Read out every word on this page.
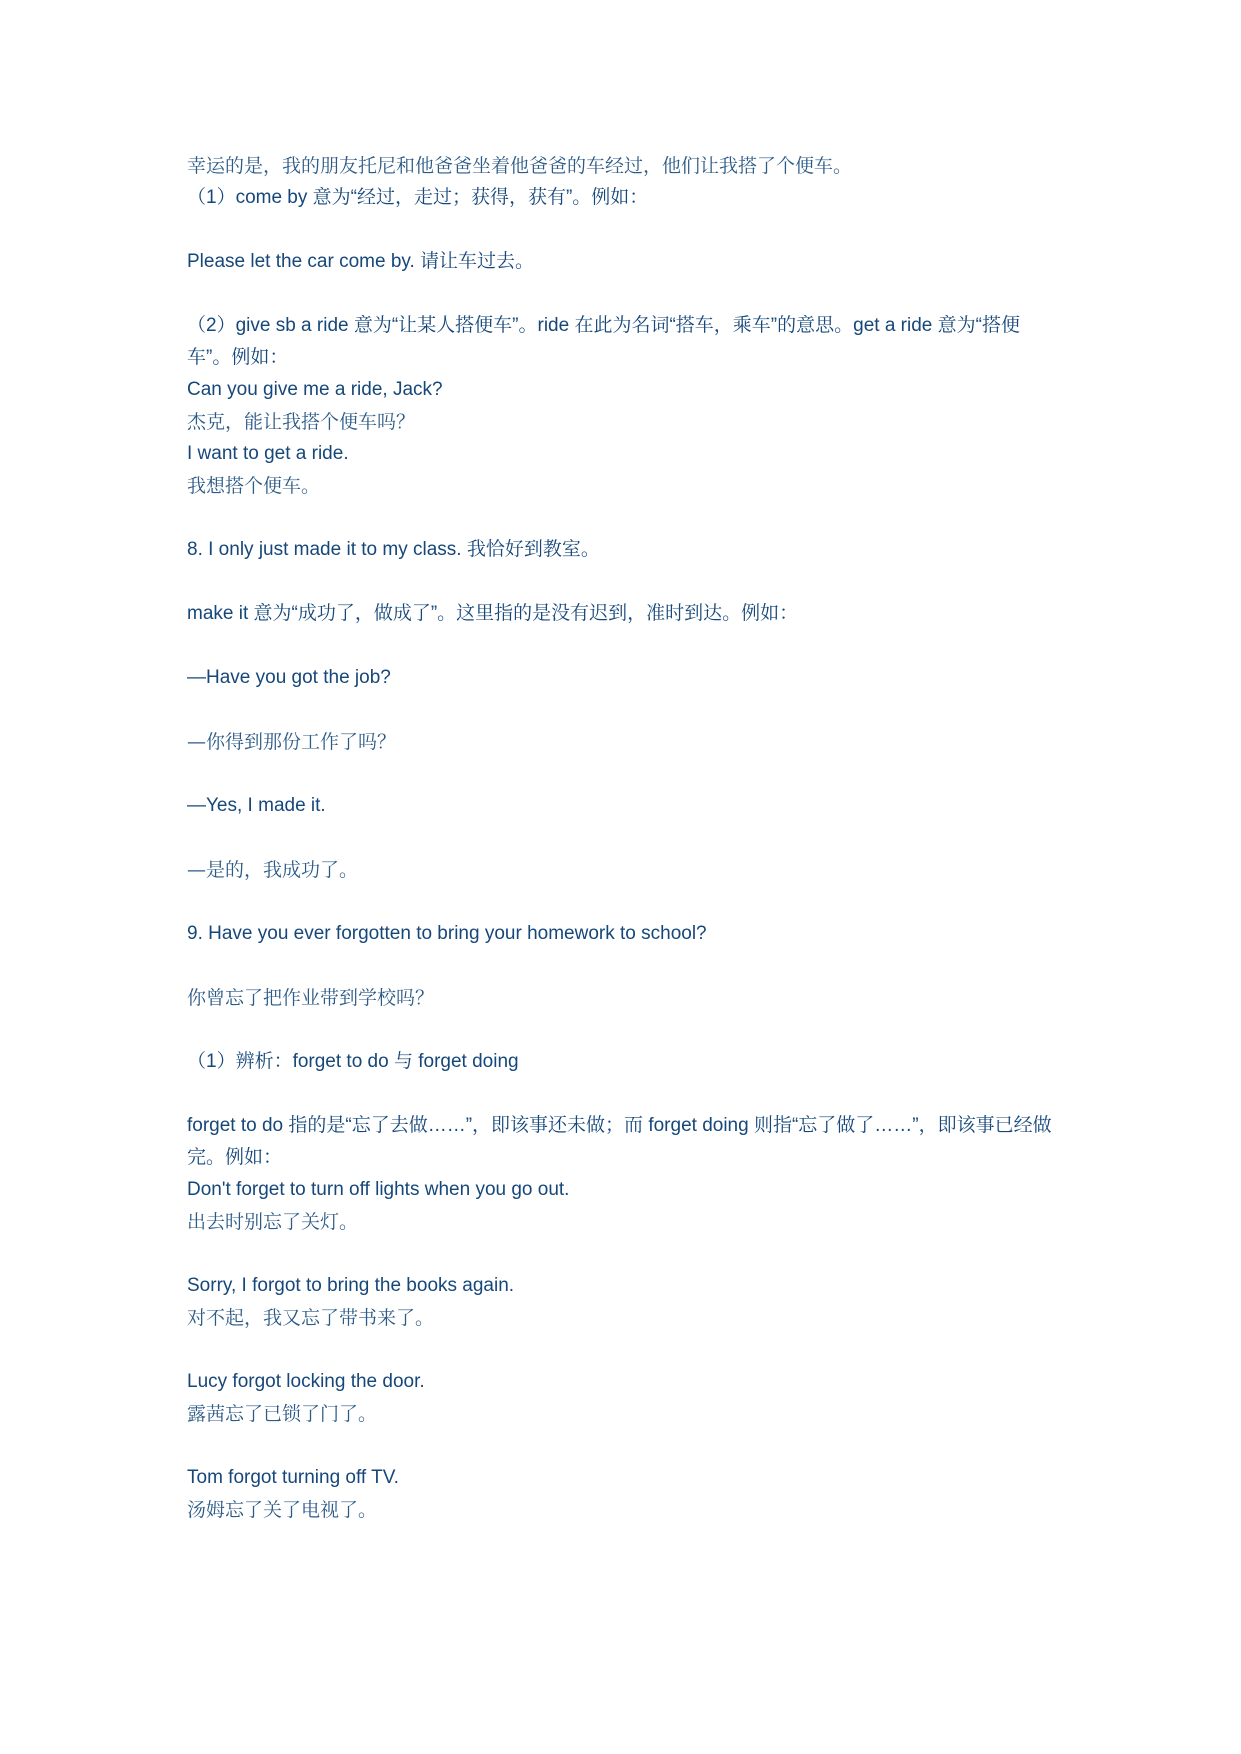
幸运的是，我的朋友托尼和他爸爸坐着他爸爸的车经过，他们让我搭了个便车。

（1）come by 意为“经过，走过；获得，获有”。例如：

Please let the car come by. 请让车过去。

（2）give sb a ride 意为“让某人搭便车”。ride 在此为名词“搭车，乘车”的意思。get a ride 意为“搭便车”。例如：

Can you give me a ride, Jack?

杰克，能让我搭个便车吗？

I want to get a ride.

我想搭个便车。

8. I only just made it to my class. 我恰好到教室。

make it 意为“成功了，做成了”。这里指的是没有迟到，准时到达。例如：

—Have you got the job?

—你得到那份工作了吗？

—Yes, I made it.

—是的，我成功了。

9. Have you ever forgotten to bring your homework to school?

你曾忘了把作业带到学校吗？

（1）辨析：forget to do 与 forget doing

forget to do 指的是“忘了去做……”，即该事还未做；而 forget doing 则指“忘了做了……”，即该事已经做完。例如：

Don't forget to turn off lights when you go out.

出去时别忘了关灯。

Sorry, I forgot to bring the books again.

对不起，我又忘了带书来了。

Lucy forgot locking the door.

露茜忘了已锁了门了。

Tom forgot turning off TV.

汤姆忘了关了电视了。
